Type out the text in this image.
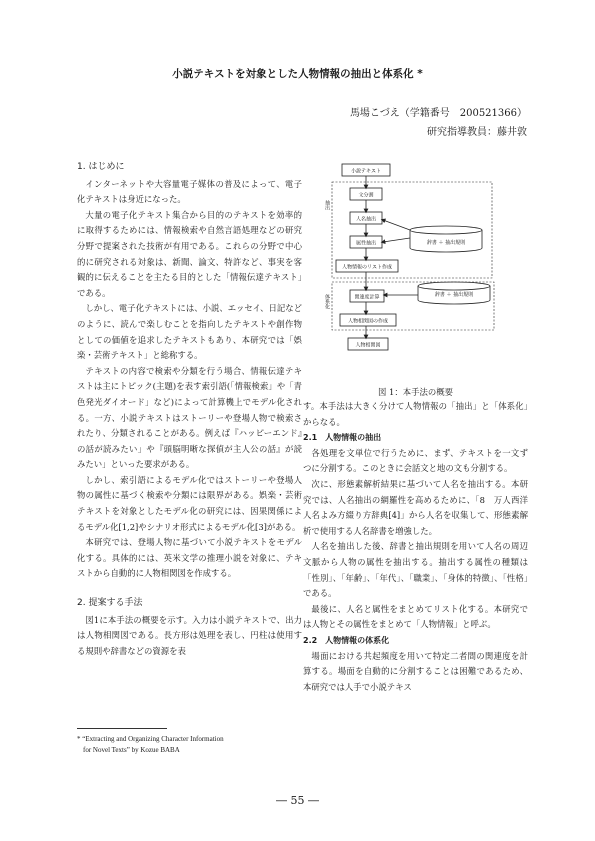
小説テキストを対象とした人物情報の抽出と体系化 *
馬場こづえ（学籍番号　200521366）
研究指導教員：藤井敦
1. はじめに

インターネットや大容量電子媒体の普及によって、電子化テキストは身近になった。

大量の電子化テキスト集合から目的のテキストを効率的に取得するためには、情報検索や自然言語処理などの研究分野で提案された技術が有用である。これらの分野で中心的に研究される対象は、新聞、論文、特許など、事実を客観的に伝えることを主たる目的とした「情報伝達テキスト」である。

しかし、電子化テキストには、小説、エッセイ、日記などのように、読んで楽しむことを指向したテキストや創作物としての価値を追求したテキストもあり、本研究では「娯楽・芸術テキスト」と総称する。

テキストの内容で検索や分類を行う場合、情報伝達テキストは主にトピック(主題)を表す索引語(「情報検索」や「青色発光ダイオード」など)によって計算機上でモデル化される。一方、小説テキストはストーリーや登場人物で検索されたり、分類されることがある。例えば『ハッピーエンド』の話が読みたい」や『頭脳明晰な探偵が主人公の話』が読みたい」といった要求がある。

しかし、索引語によるモデル化ではストーリーや登場人物の属性に基づく検索や分類には限界がある。娯楽・芸術テキストを対象としたモデル化の研究には、因果関係によるモデル化[1,2]やシナリオ形式によるモデル化[3]がある。

本研究では、登場人物に基づいて小説テキストをモデル化する。具体的には、英米文学の推理小説を対象に、テキストから自動的に人物相関図を作成する。

2. 提案する手法

図1に本手法の概要を示す。入力は小説テキストで、出力は人物相関図である。長方形は処理を表し、円柱は使用する規則や辞書などの資源を表

小説テキスト
文分割
人名抽出
属性抽出
人物情報のリスト作成
関連度計算
人物相関図の作成
人物相関図
辞書 ＋ 抽出規則
辞書 ＋ 抽出規則
抽出
体系化
図 1：本手法の概要

す。本手法は大きく分けて人物情報の「抽出」と「体系化」からなる。

2.1　人物情報の抽出

各処理を文単位で行うために、まず、テキストを一文ずつに分割する。このときに会話文と地の文も分割する。

次に、形態素解析結果に基づいて人名を抽出する。本研究では、人名抽出の網羅性を高めるために、「8　万人西洋人名よみ方綴り方辞典[4]」から人名を収集して、形態素解析で使用する人名辞書を増強した。

人名を抽出した後、辞書と抽出規則を用いて人名の周辺文脈から人物の属性を抽出する。抽出する属性の種類は「性別」、「年齢」、「年代」、「職業」、「身体的特徴」、「性格」である。

最後に、人名と属性をまとめてリスト化する。本研究では人物とその属性をまとめて「人物情報」と呼ぶ。

2.2　人物情報の体系化

場面における共起頻度を用いて特定二者間の関連度を計算する。場面を自動的に分割することは困難であるため、本研究では人手で小説テキス

* “Extracting and Organizing Character Information
for Novel Texts” by Kozue BABA
― 55 ―
